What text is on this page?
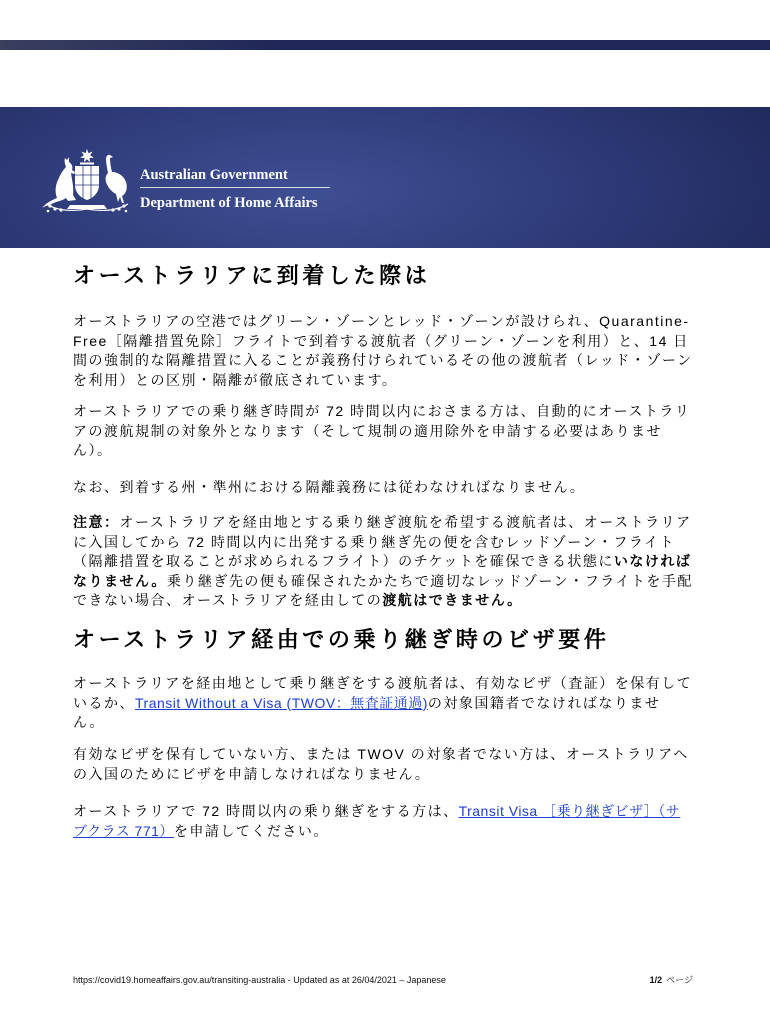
Australian Government
Department of Home Affairs
オーストラリアに到着した際は
オーストラリアの空港ではグリーン・ゾーンとレッド・ゾーンが設けられ、Quarantine-
Free［隔離措置免除］フライトで到着する渡航者（グリーン・ゾーンを利用）と、14 日
間の強制的な隔離措置に入ることが義務付けられているその他の渡航者（レッド・ゾーン
を利用）との区別・隔離が徹底されています。
オーストラリアでの乗り継ぎ時間が 72 時間以内におさまる方は、自動的にオーストラリ
アの渡航規制の対象外となります（そして規制の適用除外を申請する必要はありませ
ん）。
なお、到着する州・準州における隔離義務には従わなければなりません。
注意：オーストラリアを経由地とする乗り継ぎ渡航を希望する渡航者は、オーストラリア
に入国してから 72 時間以内に出発する乗り継ぎ先の便を含むレッドゾーン・フライト
（隔離措置を取ることが求められるフライト）のチケットを確保できる状態にいなければ
なりません。乗り継ぎ先の便も確保されたかたちで適切なレッドゾーン・フライトを手配
できない場合、オーストラリアを経由しての渡航はできません。
オーストラリア経由での乗り継ぎ時のビザ要件
オーストラリアを経由地として乗り継ぎをする渡航者は、有効なビザ（査証）を保有して
いるか、Transit Without a Visa (TWOV：無査証通過)の対象国籍者でなければなりませ
ん。
有効なビザを保有していない方、または TWOV の対象者でない方は、オーストラリアへ
の入国のためにビザを申請しなければなりません。
オーストラリアで 72 時間以内の乗り継ぎをする方は、Transit Visa ［乗り継ぎビザ］（サ
ブクラス 771）を申請してください。
https://covid19.homeaffairs.gov.au/transiting-australia - Updated as at 26/04/2021 – Japanese	1/2 ページ
